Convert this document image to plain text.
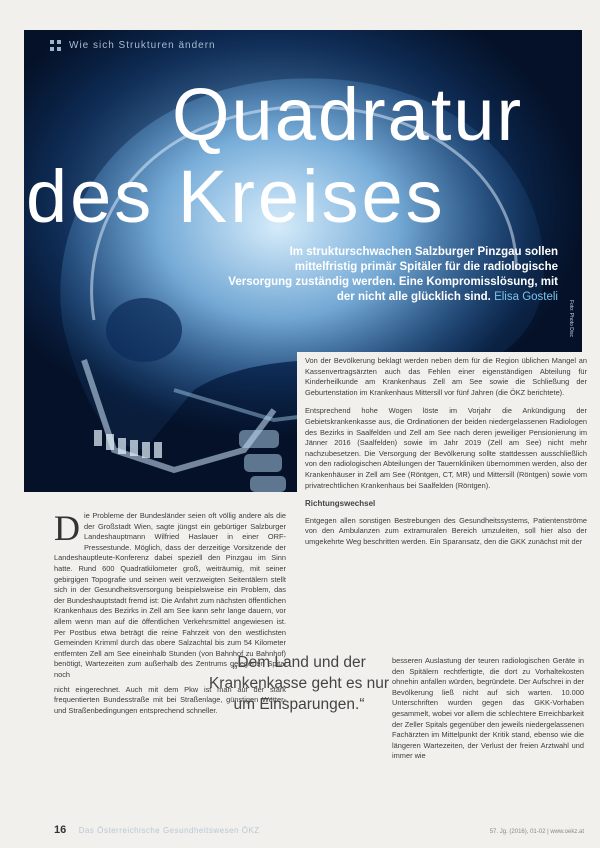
Foto: Photo Disc
Wie sich Strukturen ändern
Quadratur
des Kreises
Im strukturschwachen Salzburger Pinzgau sollen mittelfristig primär Spitäler für die radiologische Versorgung zuständig werden. Eine Kompromisslösung, mit der nicht alle glücklich sind. Elisa Gosteli

Von der Bevölkerung beklagt werden neben dem für die Region üblichen Mangel an Kassenvertragsärzten auch das Fehlen einer eigenständigen Abteilung für Kinderheilkunde am Krankenhaus Zell am See sowie die Schließung der Geburtenstation im Krankenhaus Mittersill vor fünf Jahren (die ÖKZ berichtete).

Entsprechend hohe Wogen löste im Vorjahr die Ankündigung der Gebietskrankenkasse aus, die Ordinationen der beiden niedergelassenen Radiologen des Bezirks in Saalfelden und Zell am See nach deren jeweiliger Pensionierung im Jänner 2016 (Saalfelden) sowie im Jahr 2019 (Zell am See) nicht mehr nachzubesetzen. Die Versorgung der Bevölkerung sollte stattdessen ausschließlich von den radiologischen Abteilungen der Tauernkliniken übernommen werden, also der Krankenhäuser in Zell am See (Röntgen, CT, MR) und Mittersill (Röntgen) sowie vom privatrechtlichen Krankenhaus bei Saalfelden (Röntgen).

Richtungswechsel

Entgegen allen sonstigen Bestrebungen des Gesundheitssystems, Patientenströme von den Ambulanzen zum extramuralen Bereich umzuleiten, soll hier also der umgekehrte Weg beschritten werden. Ein Sparansatz, den die GKK zunächst mit der

besseren Auslastung der teuren radiologischen Geräte in den Spitälern rechtfertigte, die dort zu Vorhaltekosten ohnehin anfallen würden, begründete. Der Aufschrei in der Bevölkerung ließ nicht auf sich warten. 10.000 Unterschriften wurden gegen das GKK-Vorhaben gesammelt, wobei vor allem die schlechtere Erreichbarkeit der Zeller Spitals gegenüber den jeweils niedergelassenen Fachärzten im Mittelpunkt der Kritik stand, ebenso wie die längeren Wartezeiten, der Verlust der freien Arztwahl und immer wie

D ie Probleme der Bundesländer seien oft völlig andere als die der Großstadt Wien, sagte jüngst ein gebürtiger Salzburger Landeshauptmann Wilfried Haslauer in einer ORF-Pressestunde. Möglich, dass der derzeitige Vorsitzende der Landeshauptleute-Konferenz dabei speziell den Pinzgau im Sinn hatte. Rund 600 Quadratkilometer groß, weiträumig, mit seiner gebirgigen Topografie und seinen weit verzweigten Seitentälern stellt sich in der Gesundheitsversorgung beispielsweise ein Problem, das der Bundeshauptstadt fremd ist: Die Anfahrt zum nächsten öffentlichen Krankenhaus des Bezirks in Zell am See kann sehr lange dauern, vor allem wenn man auf die öffentlichen Verkehrsmittel angewiesen ist. Per Postbus etwa beträgt die reine Fahrzeit von den westlichsten Gemeinden Krimml durch das obere Salzachtal bis zum 54 Kilometer entfernten Zell am See eineinhalb Stunden (von Bahnhof zu Bahnhof) benötigt, Wartezeiten zum außerhalb des Zentrums gelegenen Spital noch
nicht eingerechnet. Auch mit dem Pkw ist man auf der stark frequentierten Bundesstraße mit bei Straßenlage, günstigen Wetter- und Straßenbedingungen entsprechend schneller.
„Dem Land und der Krankenkasse geht es nur um Einsparungen.“
16 Das Österreichische Gesundheitswesen ÖKZ	57. Jg. (2016), 01-02 | www.oekz.at
